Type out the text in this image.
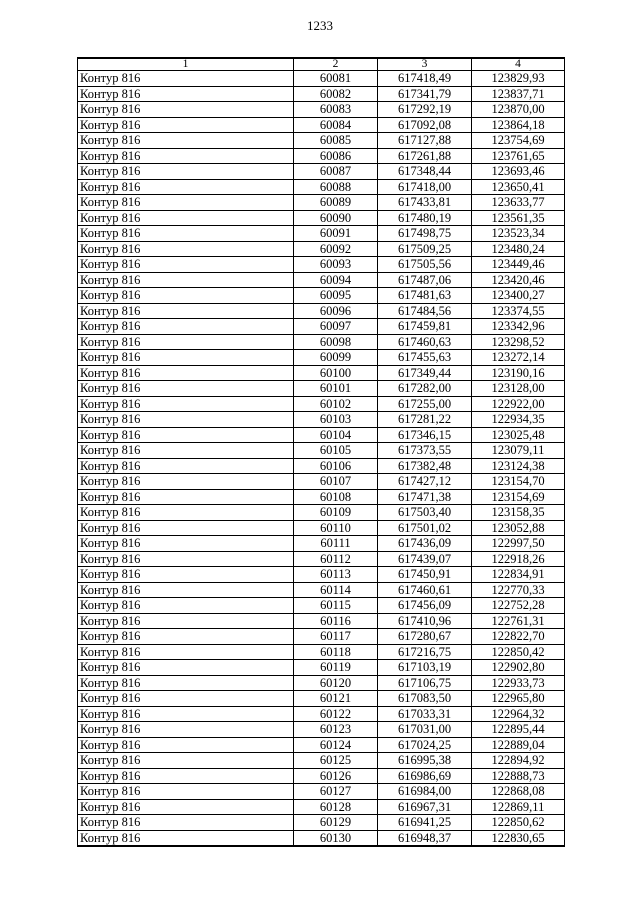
1233
1	2	3	4
Контур 816	60081	617418,49	123829,93
Контур 816	60082	617341,79	123837,71
Контур 816	60083	617292,19	123870,00
Контур 816	60084	617092,08	123864,18
Контур 816	60085	617127,88	123754,69
Контур 816	60086	617261,88	123761,65
Контур 816	60087	617348,44	123693,46
Контур 816	60088	617418,00	123650,41
Контур 816	60089	617433,81	123633,77
Контур 816	60090	617480,19	123561,35
Контур 816	60091	617498,75	123523,34
Контур 816	60092	617509,25	123480,24
Контур 816	60093	617505,56	123449,46
Контур 816	60094	617487,06	123420,46
Контур 816	60095	617481,63	123400,27
Контур 816	60096	617484,56	123374,55
Контур 816	60097	617459,81	123342,96
Контур 816	60098	617460,63	123298,52
Контур 816	60099	617455,63	123272,14
Контур 816	60100	617349,44	123190,16
Контур 816	60101	617282,00	123128,00
Контур 816	60102	617255,00	122922,00
Контур 816	60103	617281,22	122934,35
Контур 816	60104	617346,15	123025,48
Контур 816	60105	617373,55	123079,11
Контур 816	60106	617382,48	123124,38
Контур 816	60107	617427,12	123154,70
Контур 816	60108	617471,38	123154,69
Контур 816	60109	617503,40	123158,35
Контур 816	60110	617501,02	123052,88
Контур 816	60111	617436,09	122997,50
Контур 816	60112	617439,07	122918,26
Контур 816	60113	617450,91	122834,91
Контур 816	60114	617460,61	122770,33
Контур 816	60115	617456,09	122752,28
Контур 816	60116	617410,96	122761,31
Контур 816	60117	617280,67	122822,70
Контур 816	60118	617216,75	122850,42
Контур 816	60119	617103,19	122902,80
Контур 816	60120	617106,75	122933,73
Контур 816	60121	617083,50	122965,80
Контур 816	60122	617033,31	122964,32
Контур 816	60123	617031,00	122895,44
Контур 816	60124	617024,25	122889,04
Контур 816	60125	616995,38	122894,92
Контур 816	60126	616986,69	122888,73
Контур 816	60127	616984,00	122868,08
Контур 816	60128	616967,31	122869,11
Контур 816	60129	616941,25	122850,62
Контур 816	60130	616948,37	122830,65
